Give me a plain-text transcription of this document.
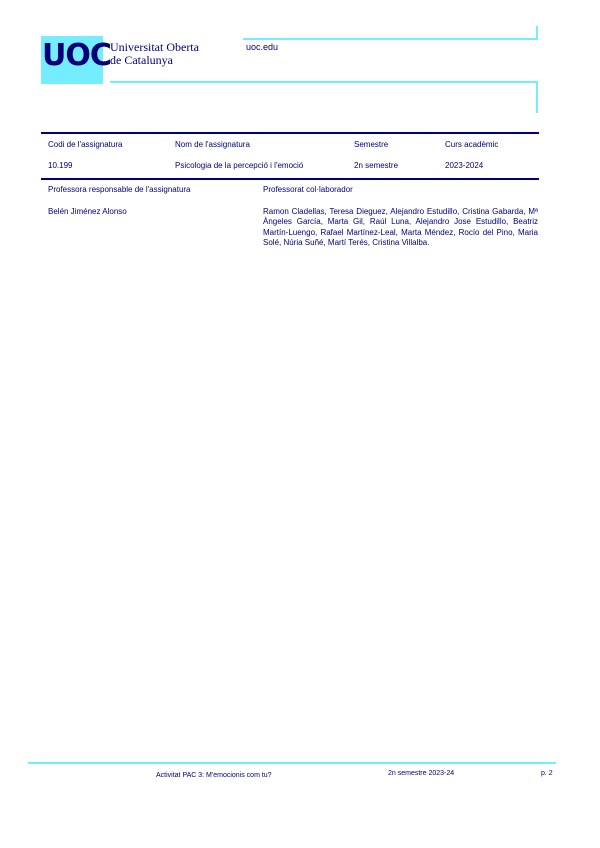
UOC Universitat Oberta
de Catalunya
uoc.edu
Codi de l'assignatura	Nom de l'assignatura	Semestre	Curs acadèmic
10.199	Psicologia de la percepció i l'emoció	2n semestre	2023-2024
Professora responsable de l'assignatura	Professorat col·laborador
Belén Jiménez Alonso	Ramon Cladellas, Teresa Dieguez, Alejandro Estudillo, Cristina Gabarda, Mª Àngeles García, Marta Gil, Raúl Luna, Alejandro Jose Estudillo, Beatriz Martín-Luengo, Rafael Martínez-Leal, Marta Méndez, Rocío del Pino, Maria Solé, Núria Suñé, Martí Terés, Cristina Villalba.
Activitat PAC 3: M'emocionis com tu?	2n semestre 2023-24	p. 2
